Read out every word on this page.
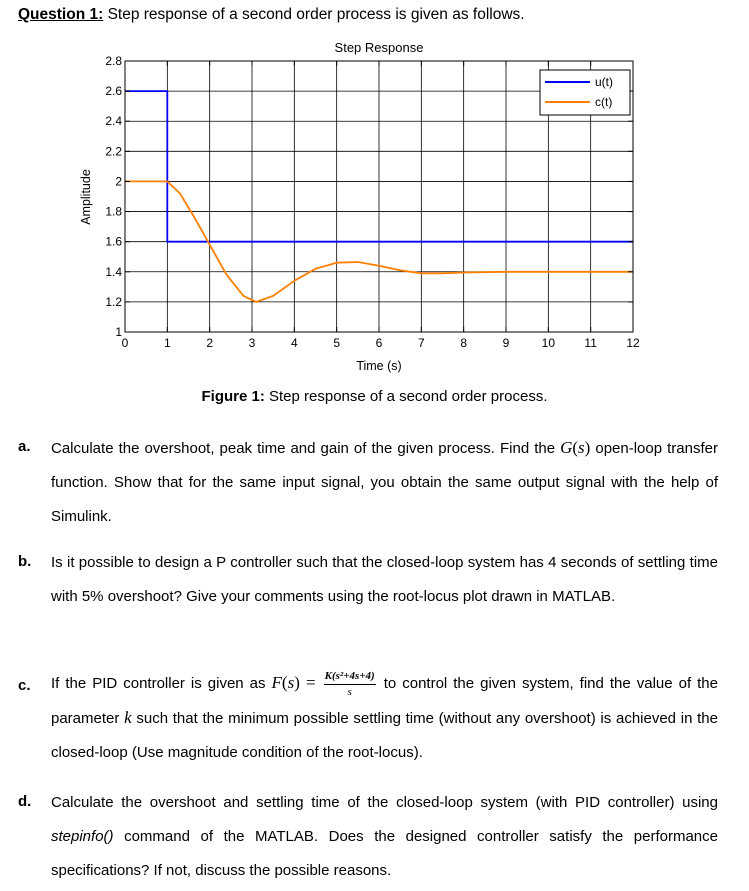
Question 1: Step response of a second order process is given as follows.
Step Response
0	1	2	3	4	5	6	7	8	9	10 11 12
1
1.2
1.4
1.6
1.8
2
2.2
2.4
2.6
2.8
Time (s)
Amplitude
u(t)
c(t)
Figure 1: Step response of a second order process.
a. Calculate the overshoot, peak time and gain of the given process. Find the G(s) open-loop transfer function. Show that for the same input signal, you obtain the same output signal with the help of Simulink.
b. Is it possible to design a P controller such that the closed-loop system has 4 seconds of settling time with 5% overshoot? Give your comments using the root-locus plot drawn in MATLAB.
c. If the PID controller is given as $F(s) = \frac{\text{K(s²+4s+4)}}{s}$ to control the given system, find the value of the parameter k such that the minimum possible settling time (without any overshoot) is achieved in the closed-loop (Use magnitude condition of the root-locus).
d. Calculate the overshoot and settling time of the closed-loop system (with PID controller) using stepinfo() command of the MATLAB. Does the designed controller satisfy the performance specifications? If not, discuss the possible reasons.
